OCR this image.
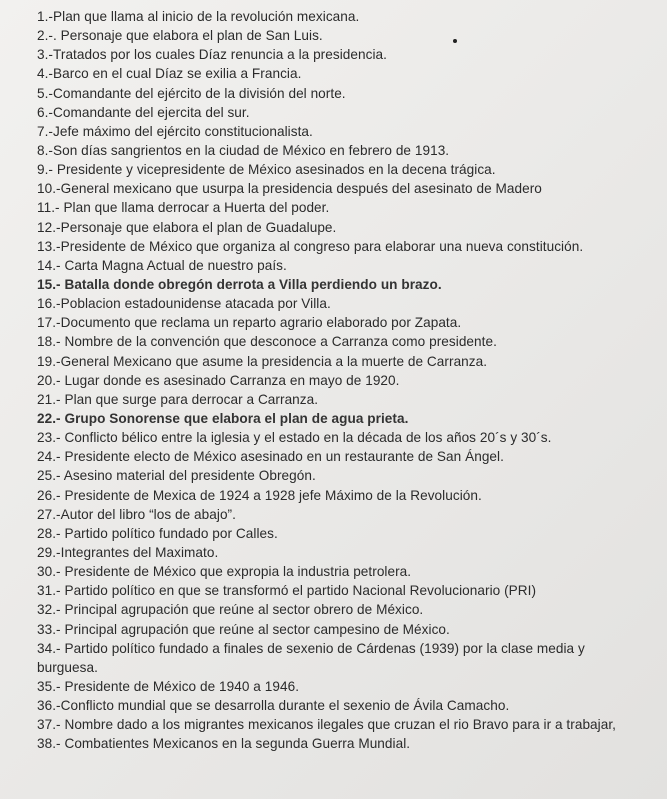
1.-Plan que llama al inicio de la revolución mexicana.
2.-. Personaje que elabora el plan de San Luis.
3.-Tratados por los cuales Díaz renuncia a la presidencia.
4.-Barco en el cual Díaz se exilia a Francia.
5.-Comandante del ejército de la división del norte.
6.-Comandante del ejercita del sur.
7.-Jefe máximo del ejército constitucionalista.
8.-Son días sangrientos en la ciudad de México en febrero de 1913.
9.- Presidente y vicepresidente de México asesinados en la decena trágica.
10.-General mexicano que usurpa la presidencia después del asesinato de Madero
11.- Plan que llama derrocar a Huerta del poder.
12.-Personaje que elabora el plan de Guadalupe.
13.-Presidente de México que organiza al congreso para elaborar una nueva constitución.
14.- Carta Magna Actual de nuestro país.
15.- Batalla donde obregón derrota a Villa perdiendo un brazo.
16.-Poblacion estadounidense atacada por Villa.
17.-Documento que reclama un reparto agrario elaborado por Zapata.
18.- Nombre de la convención que desconoce a Carranza como presidente.
19.-General Mexicano que asume la presidencia a la muerte de Carranza.
20.- Lugar donde es asesinado Carranza en mayo de 1920.
21.- Plan que surge para derrocar a Carranza.
22.- Grupo Sonorense que elabora el plan de agua prieta.
23.- Conflicto bélico entre la iglesia y el estado en la década de los años 20´s y 30´s.
24.- Presidente electo de México asesinado en un restaurante de San Ángel.
25.- Asesino material del presidente Obregón.
26.- Presidente de Mexica de 1924 a 1928 jefe Máximo de la Revolución.
27.-Autor del libro “los de abajo”.
28.- Partido político fundado por Calles.
29.-Integrantes del Maximato.
30.- Presidente de México que expropia la industria petrolera.
31.- Partido político en que se transformó el partido Nacional Revolucionario (PRI)
32.- Principal agrupación que reúne al sector obrero de México.
33.- Principal agrupación que reúne al sector campesino de México.
34.- Partido político fundado a finales de sexenio de Cárdenas (1939) por la clase media y
burguesa.
35.- Presidente de México de 1940 a 1946.
36.-Conflicto mundial que se desarrolla durante el sexenio de Ávila Camacho.
37.- Nombre dado a los migrantes mexicanos ilegales que cruzan el rio Bravo para ir a trabajar,
38.- Combatientes Mexicanos en la segunda Guerra Mundial.
